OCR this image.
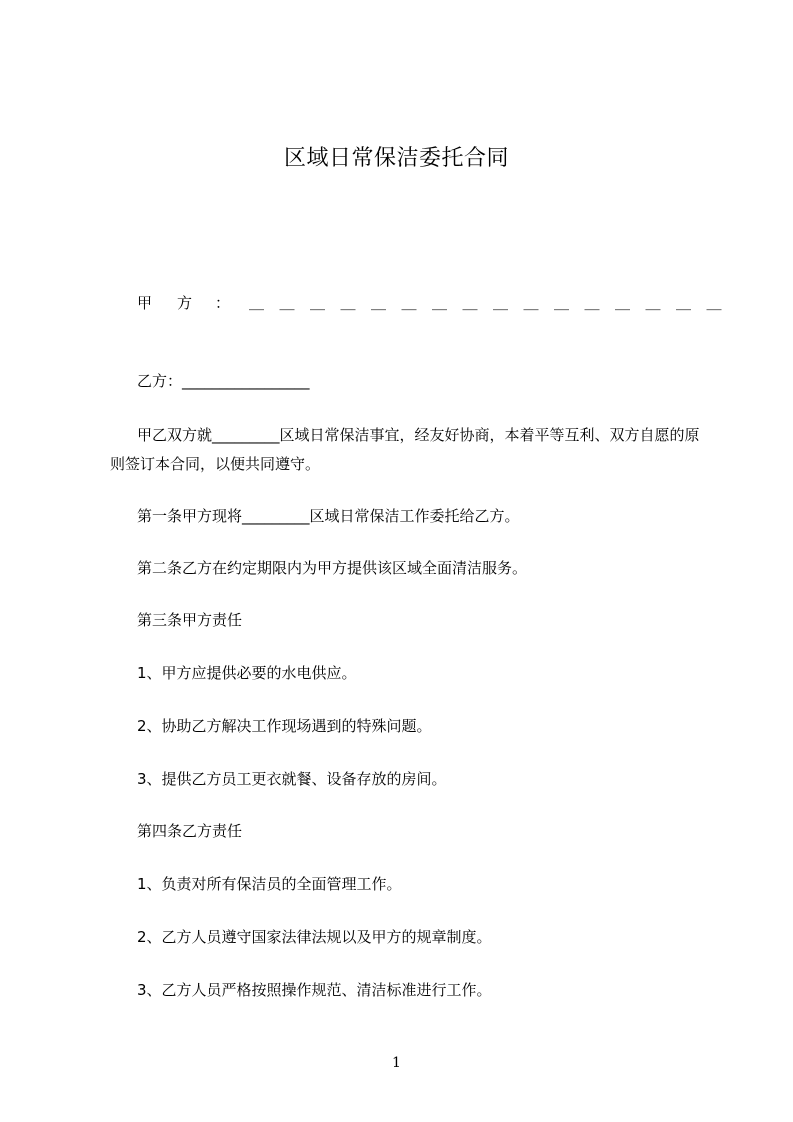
区域日常保洁委托合同
甲 方 ： ＿＿＿＿＿＿＿＿＿＿＿＿＿＿＿＿
乙方：_________________
甲乙双方就_________区域日常保洁事宜，经友好协商，本着平等互利、双方自愿的原则签订本合同，以便共同遵守。
第一条甲方现将_________区域日常保洁工作委托给乙方。
第二条乙方在约定期限内为甲方提供该区域全面清洁服务。
第三条甲方责任
1、甲方应提供必要的水电供应。
2、协助乙方解决工作现场遇到的特殊问题。
3、提供乙方员工更衣就餐、设备存放的房间。
第四条乙方责任
1、负责对所有保洁员的全面管理工作。
2、乙方人员遵守国家法律法规以及甲方的规章制度。
3、乙方人员严格按照操作规范、清洁标准进行工作。
1
